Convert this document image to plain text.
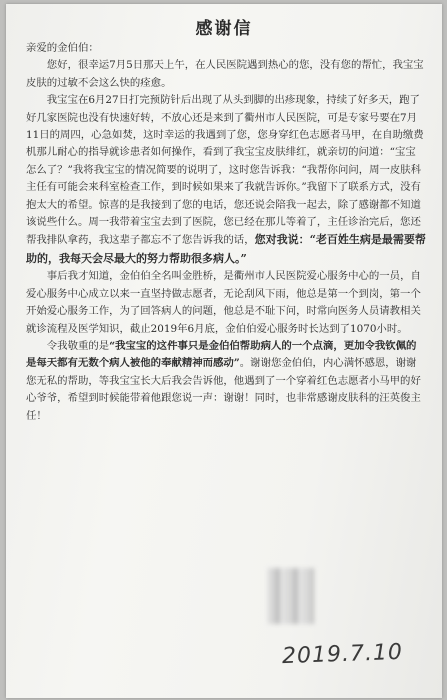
感谢信

亲爱的金伯伯：

您好，很幸运7月5日那天上午，在人民医院遇到热心的您，没有您的帮忙，我宝宝皮肤的过敏不会这么快的痊愈。

我宝宝在6月27日打完预防针后出现了从头到脚的出疹现象，持续了好多天，跑了好几家医院也没有快速好转，不放心还是来到了衢州市人民医院，可是专家号要在7月11日的周四，心急如焚，这时幸运的我遇到了您，您身穿红色志愿者马甲，在自助缴费机那儿耐心的指导就诊患者如何操作，看到了我宝宝皮肤绯红，就亲切的问道：“宝宝怎么了？”我将我宝宝的情况简要的说明了，这时您告诉我：“我帮你问问，周一皮肤科主任有可能会来科室检查工作，到时候如果来了我就告诉你。”我留下了联系方式，没有抱太大的希望。惊喜的是我接到了您的电话，您还说会陪我一起去，除了感谢都不知道该说些什么。周一我带着宝宝去到了医院，您已经在那儿等着了，主任诊治完后，您还帮我排队拿药，我这辈子都忘不了您告诉我的话，您对我说：“老百姓生病是最需要帮助的，我每天会尽最大的努力帮助很多病人。”

事后我才知道，金伯伯全名叫金胜桥，是衢州市人民医院爱心服务中心的一员，自爱心服务中心成立以来一直坚持做志愿者，无论刮风下雨，他总是第一个到岗，第一个开始爱心服务工作，为了回答病人的问题，他总是不耻下问，时常向医务人员请教相关就诊流程及医学知识，截止2019年6月底，金伯伯爱心服务时长达到了1070小时。

令我敬重的是“我宝宝的这件事只是金伯伯帮助病人的一个点滴，更加令我钦佩的是每天都有无数个病人被他的奉献精神而感动”。谢谢您金伯伯，内心满怀感恩，谢谢您无私的帮助，等我宝宝长大后我会告诉他，他遇到了一个穿着红色志愿者小马甲的好心爷爷，希望到时候能带着他跟您说一声：谢谢！同时，也非常感谢皮肤科的汪英俊主任！

2019.7.10
